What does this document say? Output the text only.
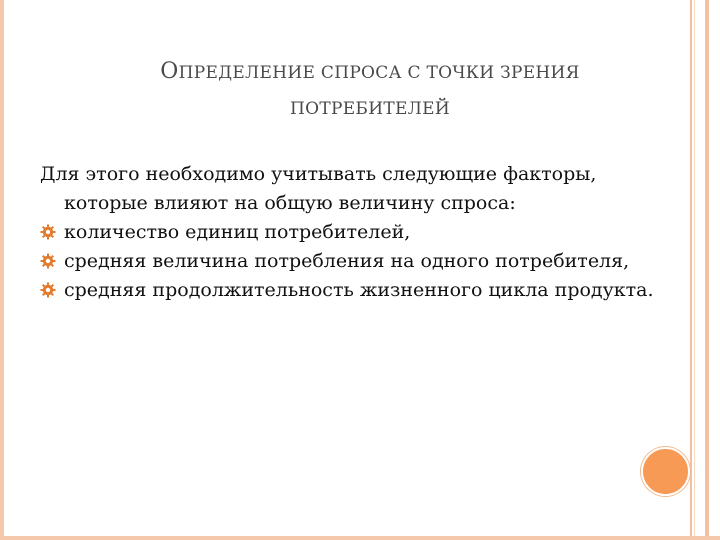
ОПРЕДЕЛЕНИЕ СПРОСА С ТОЧКИ ЗРЕНИЯ
ПОТРЕБИТЕЛЕЙ

Для этого необходимо учитывать следующие факторы, которые влияют на общую величину спроса:

количество единиц потребителей,

средняя величина потребления на одного потребителя,

средняя продолжительность жизненного цикла продукта.
